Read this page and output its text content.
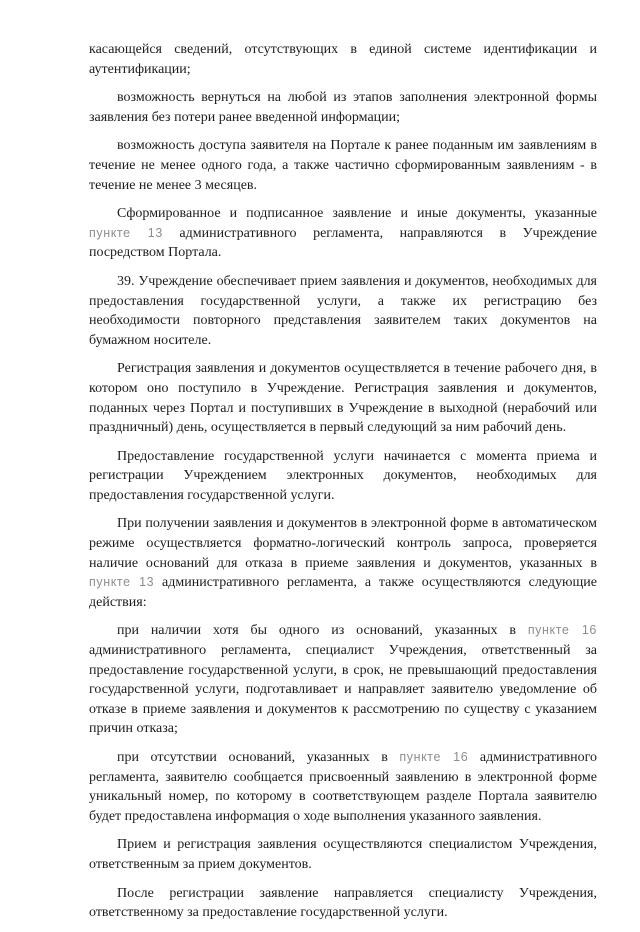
касающейся сведений, отсутствующих в единой системе идентификации и аутентификации;

возможность вернуться на любой из этапов заполнения электронной формы заявления без потери ранее введенной информации;

возможность доступа заявителя на Портале к ранее поданным им заявлениям в течение не менее одного года, а также частично сформированным заявлениям - в течение не менее 3 месяцев.

Сформированное и подписанное заявление и иные документы, указанные пункте 13 административного регламента, направляются в Учреждение посредством Портала.

39. Учреждение обеспечивает прием заявления и документов, необходимых для предоставления государственной услуги, а также их регистрацию без необходимости повторного представления заявителем таких документов на бумажном носителе.

Регистрация заявления и документов осуществляется в течение рабочего дня, в котором оно поступило в Учреждение. Регистрация заявления и документов, поданных через Портал и поступивших в Учреждение в выходной (нерабочий или праздничный) день, осуществляется в первый следующий за ним рабочий день.

Предоставление государственной услуги начинается с момента приема и регистрации Учреждением электронных документов, необходимых для предоставления государственной услуги.

При получении заявления и документов в электронной форме в автоматическом режиме осуществляется форматно-логический контроль запроса, проверяется наличие оснований для отказа в приеме заявления и документов, указанных в пункте 13 административного регламента, а также осуществляются следующие действия:

при наличии хотя бы одного из оснований, указанных в пункте 16 административного регламента, специалист Учреждения, ответственный за предоставление государственной услуги, в срок, не превышающий предоставления государственной услуги, подготавливает и направляет заявителю уведомление об отказе в приеме заявления и документов к рассмотрению по существу с указанием причин отказа;

при отсутствии оснований, указанных в пункте 16 административного регламента, заявителю сообщается присвоенный заявлению в электронной форме уникальный номер, по которому в соответствующем разделе Портала заявителю будет предоставлена информация о ходе выполнения указанного заявления.

Прием и регистрация заявления осуществляются специалистом Учреждения, ответственным за прием документов.

После регистрации заявление направляется специалисту Учреждения, ответственному за предоставление государственной услуги.
